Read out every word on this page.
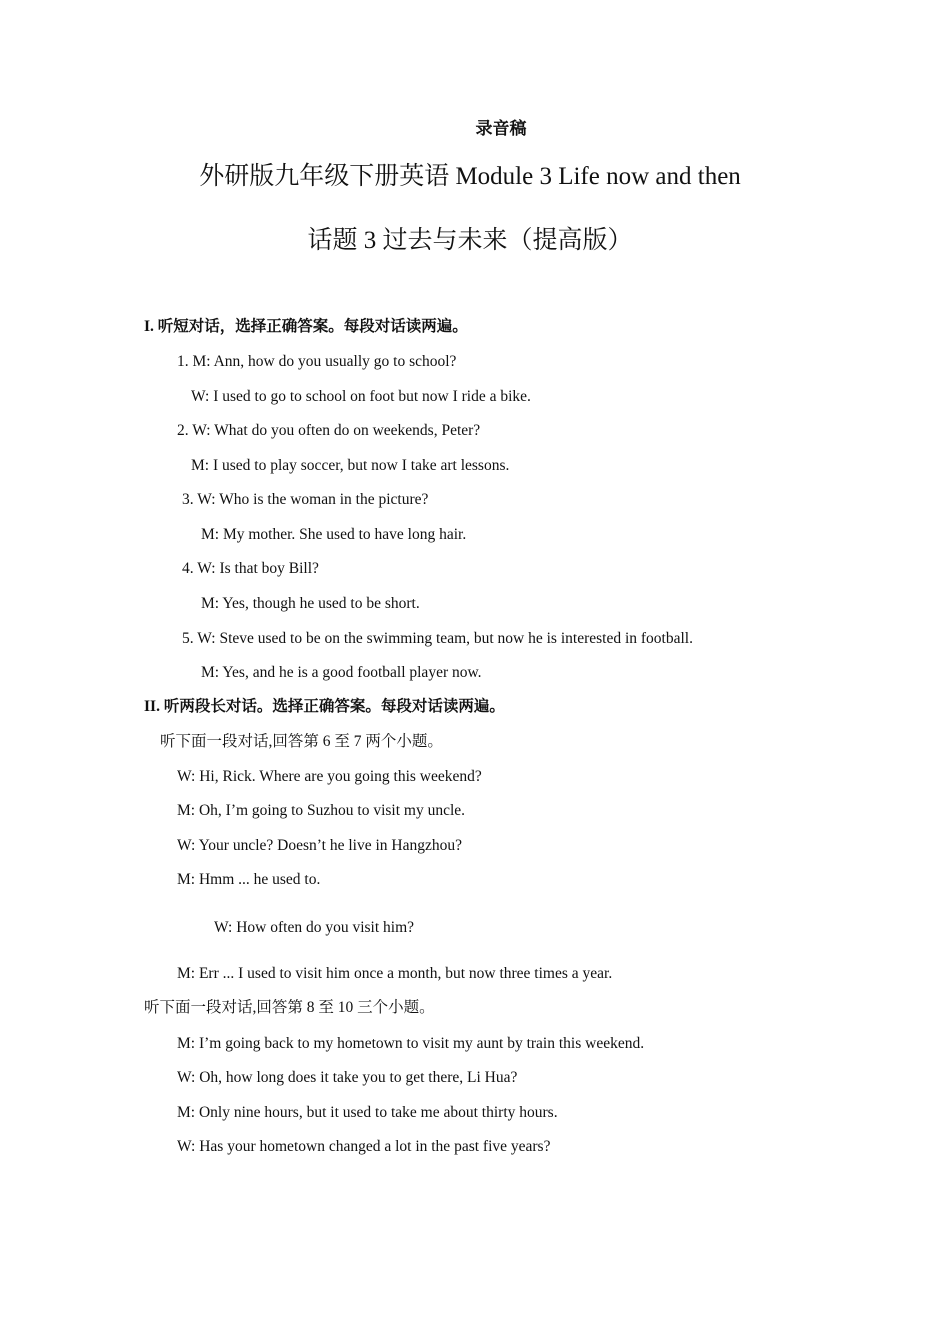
录音稿
外研版九年级下册英语 Module 3 Life now and then
话题 3 过去与未来（提高版）
I. 听短对话，选择正确答案。每段对话读两遍。
1. M: Ann, how do you usually go to school?
W: I used to go to school on foot but now I ride a bike.
2. W: What do you often do on weekends, Peter?
M: I used to play soccer, but now I take art lessons.
3. W: Who is the woman in the picture?
M: My mother. She used to have long hair.
4. W: Is that boy Bill?
M: Yes, though he used to be short.
5. W: Steve used to be on the swimming team, but now he is interested in football.
M: Yes, and he is a good football player now.
II. 听两段长对话。选择正确答案。每段对话读两遍。
听下面一段对话,回答第 6 至 7 两个小题。
W: Hi, Rick. Where are you going this weekend?
M: Oh, I’m going to Suzhou to visit my uncle.
W: Your uncle? Doesn’t he live in Hangzhou?
M: Hmm ... he used to.
W: How often do you visit him?
M: Err ... I used to visit him once a month, but now three times a year.
听下面一段对话,回答第 8 至 10 三个小题。
M: I’m going back to my hometown to visit my aunt by train this weekend.
W: Oh, how long does it take you to get there, Li Hua?
M: Only nine hours, but it used to take me about thirty hours.
W: Has your hometown changed a lot in the past five years?
